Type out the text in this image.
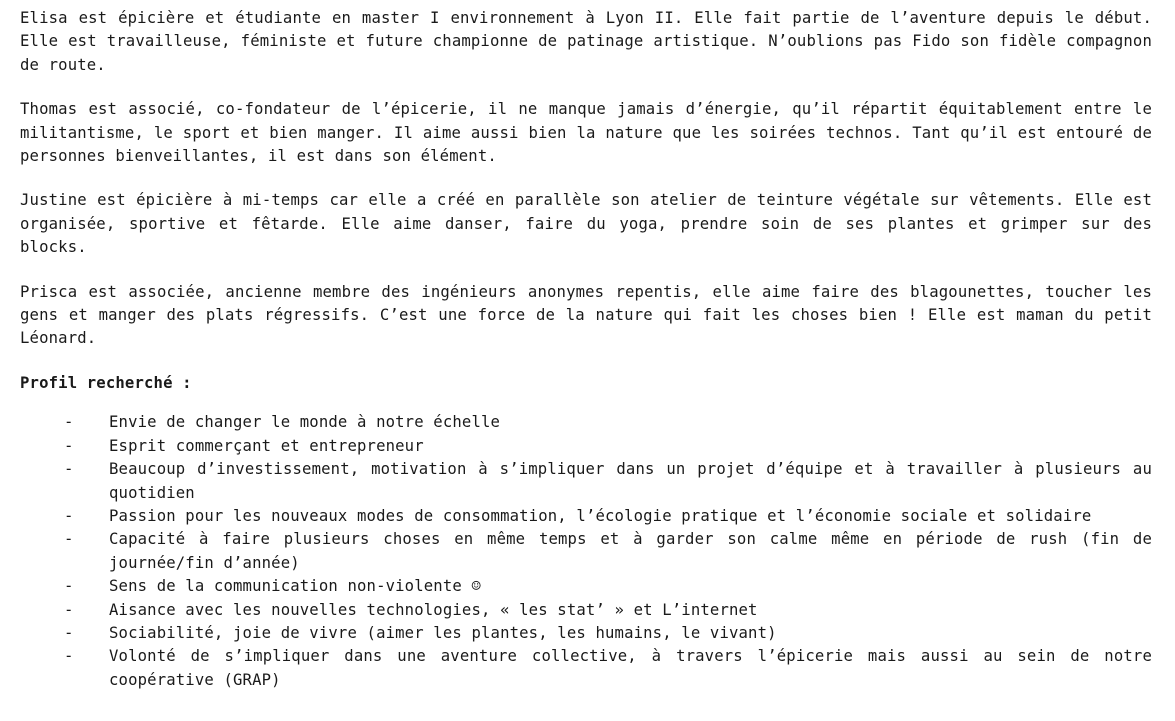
Elisa est épicière et étudiante en master I environnement à Lyon II. Elle fait partie de l’aventure depuis le début. Elle est travailleuse, féministe et future championne de patinage artistique. N’oublions pas Fido son fidèle compagnon de route.

Thomas est associé, co-fondateur de l’épicerie, il ne manque jamais d’énergie, qu’il répartit équitablement entre le militantisme, le sport et bien manger. Il aime aussi bien la nature que les soirées technos. Tant qu’il est entouré de personnes bienveillantes, il est dans son élément.

Justine est épicière à mi-temps car elle a créé en parallèle son atelier de teinture végétale sur vêtements. Elle est organisée, sportive et fêtarde. Elle aime danser, faire du yoga, prendre soin de ses plantes et grimper sur des blocks.

Prisca est associée, ancienne membre des ingénieurs anonymes repentis, elle aime faire des blagounettes, toucher les gens et manger des plats régressifs. C’est une force de la nature qui fait les choses bien ! Elle est maman du petit Léonard.

Profil recherché :
- Envie de changer le monde à notre échelle
- Esprit commerçant et entrepreneur
- Beaucoup d’investissement, motivation à s’impliquer dans un projet d’équipe et à travailler à plusieurs au quotidien
- Passion pour les nouveaux modes de consommation, l’écologie pratique et l’économie sociale et solidaire
- Capacité à faire plusieurs choses en même temps et à garder son calme même en période de rush (fin de journée/fin d’année)
- Sens de la communication non-violente ☺
- Aisance avec les nouvelles technologies, « les stat’ » et L’internet
- Sociabilité, joie de vivre (aimer les plantes, les humains, le vivant)
- Volonté de s’impliquer dans une aventure collective, à travers l’épicerie mais aussi au sein de notre coopérative (GRAP)
